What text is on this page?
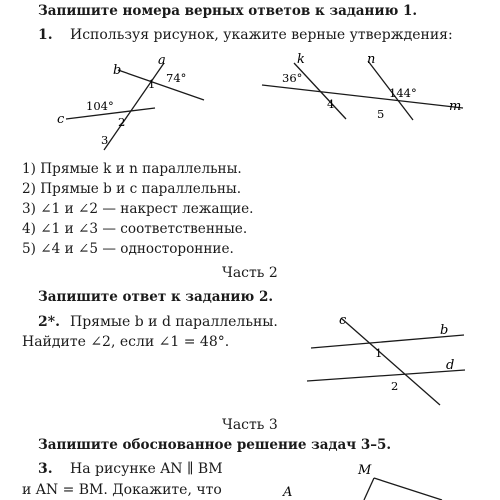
Запишите номера верных ответов к заданию 1.
1. Используя рисунок, укажите верные утверждения:
b
a
c
74°
104°
1
2
3
k	n
m
36°
144°
4
5
c
b
d
1
2
M
A
1) Прямые k и n параллельны.
2) Прямые b и c параллельны.
3) ∠1 и ∠2 — накрест лежащие.
4) ∠1 и ∠3 — соответственные.
5) ∠4 и ∠5 — односторонние.
Часть 2
Запишите ответ к заданию 2.
2*. Прямые b и d параллельны.
Найдите ∠2, если ∠1 = 48°.
Часть 3
Запишите обоснованное решение задач 3–5.
3. На рисунке AN ∥ BM
и AN = BM. Докажите, что
